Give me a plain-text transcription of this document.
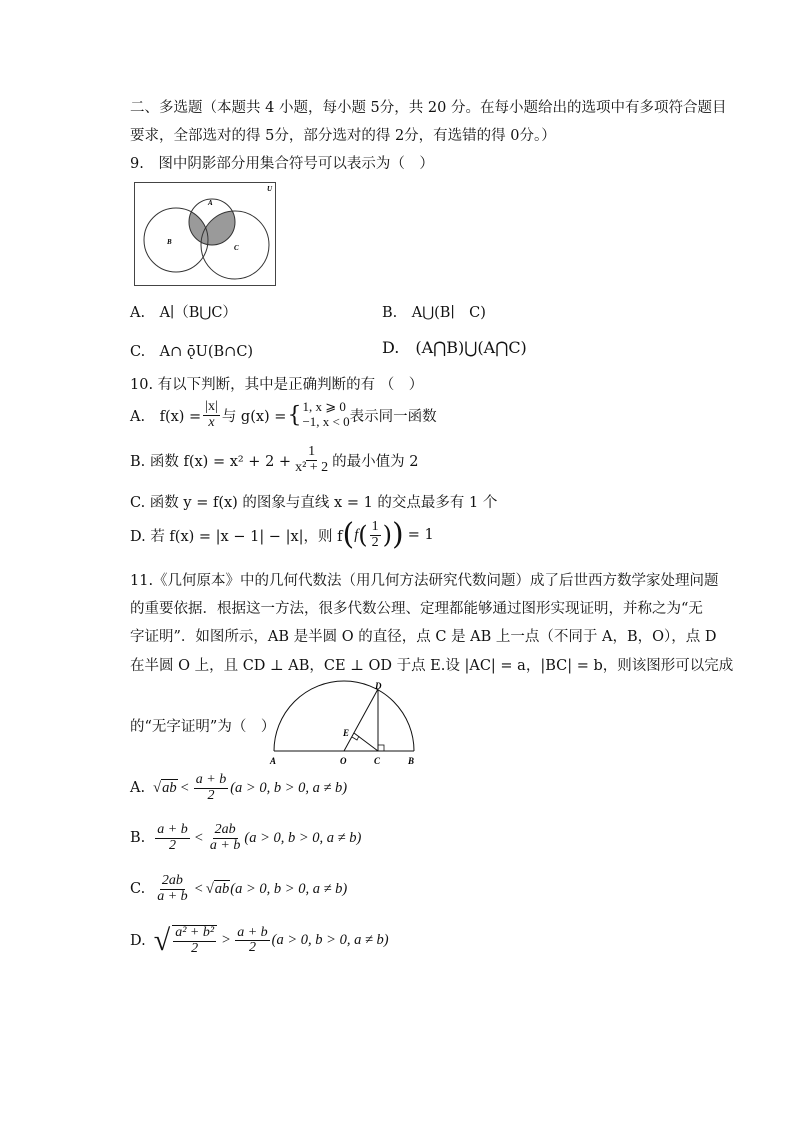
二、多选题（本题共 4 小题，每小题 5分，共 20 分。在每小题给出的选项中有多项符合题目
要求，全部选对的得 5分，部分选对的得 2分，有选错的得 0分。）
9.　图中阴影部分用集合符号可以表示为（　）
U
A
B
C
A.　A∣（B⋃C）	B.　A⋃(B∣　C)
C.　A∩ ǭU(B∩C)	D.　(A⋂B)⋃(A⋂C)
10. 有以下判断，其中是正确判断的有 （　）
A.　$f(x) = \frac{|x|}{x}$ 与 g(x) = { 1, x ⩾ 0
−1, x < 0 表示同一函数
B. 函数 $f(x) = x^2 + 2 + \frac{1}{\text{x² + 2}}$ 的最小值为 2
C. 函数 y = f(x) 的图象与直线 x = 1 的交点最多有 1 个
D. 若 f(x) = |x − 1| − |x|，则 f ( f ( $\frac{1}{2}$ ) ) = 1
11.《几何原本》中的几何代数法（用几何方法研究代数问题）成了后世西方数学家处理问题
的重要依据．根据这一方法，很多代数公理、定理都能够通过图形实现证明，并称之为“无
字证明”．如图所示，AB 是半圆 O 的直径，点 C 是 AB 上一点（不同于 A，B，O），点 D
在半圆 O 上，且 CD ⊥ AB，CE ⊥ OD 于点 E.设 |AC| = a，|BC| = b，则该图形可以完成
的“无字证明”为（　）
A	O	C	B
D
E
A. √ ab < $\frac{a + b}{2} (a > 0$, b > 0, a ≠ b)
B. $\frac{a + b}{2} < \frac{2ab}{a + b} (a > 0$, b > 0, a ≠ b)
C. $\frac{2ab}{a + b}$ < √ ab (a > 0, b > 0, a ≠ b)
D. √ $\frac{\text{a² + b²}}{2} > \frac{a + b}{2} (a > 0$, b > 0, a ≠ b)
